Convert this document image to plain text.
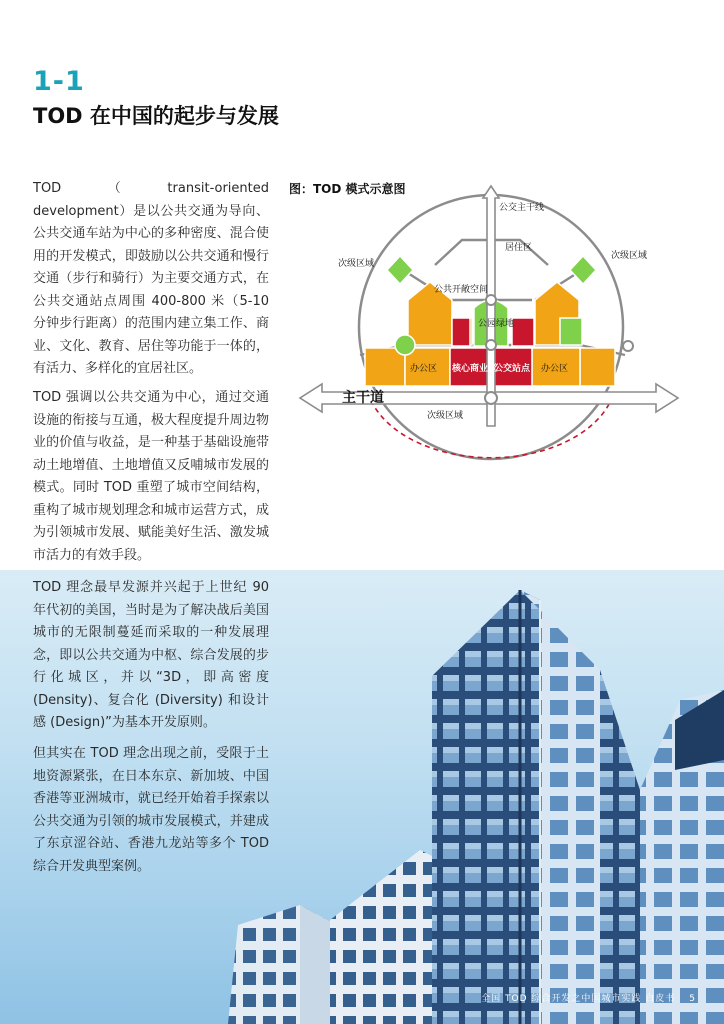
1-1
TOD 在中国的起步与发展

TOD（transit-oriented development）是以公共交通为导向、公共交通车站为中心的多种密度、混合使用的开发模式，即鼓励以公共交通和慢行交通（步行和骑行）为主要交通方式，在公共交通站点周围 400-800 米（5-10 分钟步行距离）的范围内建立集工作、商业、文化、教育、居住等功能于一体的，有活力、多样化的宜居社区。

TOD 强调以公共交通为中心，通过交通设施的衔接与互通，极大程度提升周边物业的价值与收益，是一种基于基础设施带动土地增值、土地增值又反哺城市发展的模式。同时 TOD 重塑了城市空间结构，重构了城市规划理念和城市运营方式，成为引领城市发展、赋能美好生活、激发城市活力的有效手段。

TOD 理念最早发源并兴起于上世纪 90 年代初的美国，当时是为了解决战后美国城市的无限制蔓延而采取的一种发展理念，即以公共交通为中枢、综合发展的步行化城区，并以“3D，即高密度 (Density)、复合化 (Diversity) 和设计感 (Design)”为基本开发原则。

但其实在 TOD 理念出现之前，受限于土地资源紧张，在日本东京、新加坡、中国香港等亚洲城市，就已经开始着手探索以公共交通为引领的城市发展模式，并建成了东京涩谷站、香港九龙站等多个 TOD 综合开发典型案例。

图：TOD 模式示意图
公交主干线
居住区
次级区域
次级区域
次级区域
公共开敞空间
公园绿地
办公区	办公区
核心商业区
公交站点
主干道
全国 TOD 综合开发之中国城市实践 白皮书 5
